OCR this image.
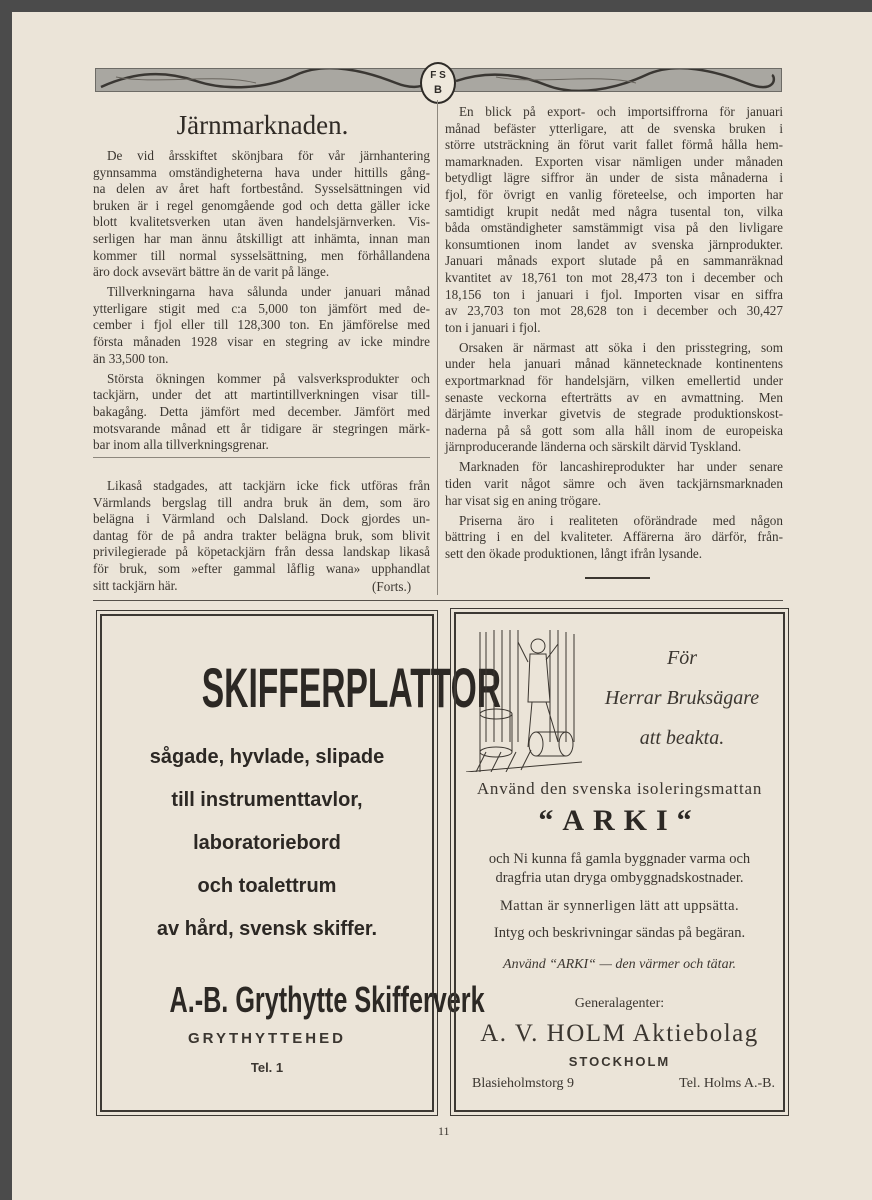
F S
B
Järnmarknaden.
De vid årsskiftet skönjbara för vår järnhantering
gynnsamma omständigheterna hava under hittills gång-
na delen av året haft fortbestånd. Sysselsättningen vid
bruken är i regel genomgående god och detta gäller icke
blott kvalitetsverken utan även handelsjärnverken. Vis-
serligen har man ännu åtskilligt att inhämta, innan man
kommer till normal sysselsättning, men förhållandena
äro dock avsevärt bättre än de varit på länge.
Tillverkningarna hava sålunda under januari månad
ytterligare stigit med c:a 5,000 ton jämfört med de-
cember i fjol eller till 128,300 ton. En jämförelse med
första månaden 1928 visar en stegring av icke mindre
än 33,500 ton.
Största ökningen kommer på valsverksprodukter och
tackjärn, under det att martintillverkningen visar till-
bakagång. Detta jämfört med december. Jämfört med
motsvarande månad ett år tidigare är stegringen märk-
bar inom alla tillverkningsgrenar.
Likaså stadgades, att tackjärn icke fick utföras från
Värmlands bergslag till andra bruk än dem, som äro
belägna i Värmland och Dalsland. Dock gjordes un-
dantag för de på andra trakter belägna bruk, som blivit
privilegierade på köpetackjärn från dessa landskap likaså
för bruk, som »efter gammal låflig wana» upphandlat
sitt tackjärn här.	(Forts.)
En blick på export- och importsiffrorna för januari
månad befäster ytterligare, att de svenska bruken i
större utsträckning än förut varit fallet förmå hålla hem-
mamarknaden. Exporten visar nämligen under månaden
betydligt lägre siffror än under de sista månaderna i
fjol, för övrigt en vanlig företeelse, och importen har
samtidigt krupit nedåt med några tusental ton, vilka
båda omständigheter samstämmigt visa på den livligare
konsumtionen inom landet av svenska järnprodukter.
Januari månads export slutade på en sammanräknad
kvantitet av 18,761 ton mot 28,473 ton i december och
18,156 ton i januari i fjol. Importen visar en siffra
av 23,703 ton mot 28,628 ton i december och 30,427
ton i januari i fjol.
Orsaken är närmast att söka i den prisstegring, som
under hela januari månad kännetecknade kontinentens
exportmarknad för handelsjärn, vilken emellertid under
senaste veckorna efterträtts av en avmattning. Men
därjämte inverkar givetvis de stegrade produktionskost-
naderna på så gott som alla håll inom de europeiska
järnproducerande länderna och särskilt därvid Tyskland.
Marknaden för lancashireprodukter har under senare
tiden varit något sämre och även tackjärnsmarknaden
har visat sig en aning trögare.
Priserna äro i realiteten oförändrade med någon
bättring i en del kvaliteter. Affärerna äro därför, från-
sett den ökade produktionen, långt ifrån lysande.
SKIFFERPLATTOR
sågade, hyvlade, slipade
till instrumenttavlor,
laboratoriebord
och toalettrum
av hård, svensk skiffer.
A.-B. Grythytte Skifferverk
GRYTHYTTEHED
Tel. 1
För
Herrar Bruksägare
att beakta.
Använd den svenska isoleringsmattan
“ARKI“
och Ni kunna få gamla byggnader varma och
dragfria utan dryga ombyggnadskostnader.
Mattan är synnerligen lätt att uppsätta.
Intyg och beskrivningar sändas på begäran.
Använd “ARKI“ — den värmer och tätar.
Generalagenter:
A. V. HOLM Aktiebolag
STOCKHOLM
Blasieholmstorg 9	Tel. Holms A.-B.
11
